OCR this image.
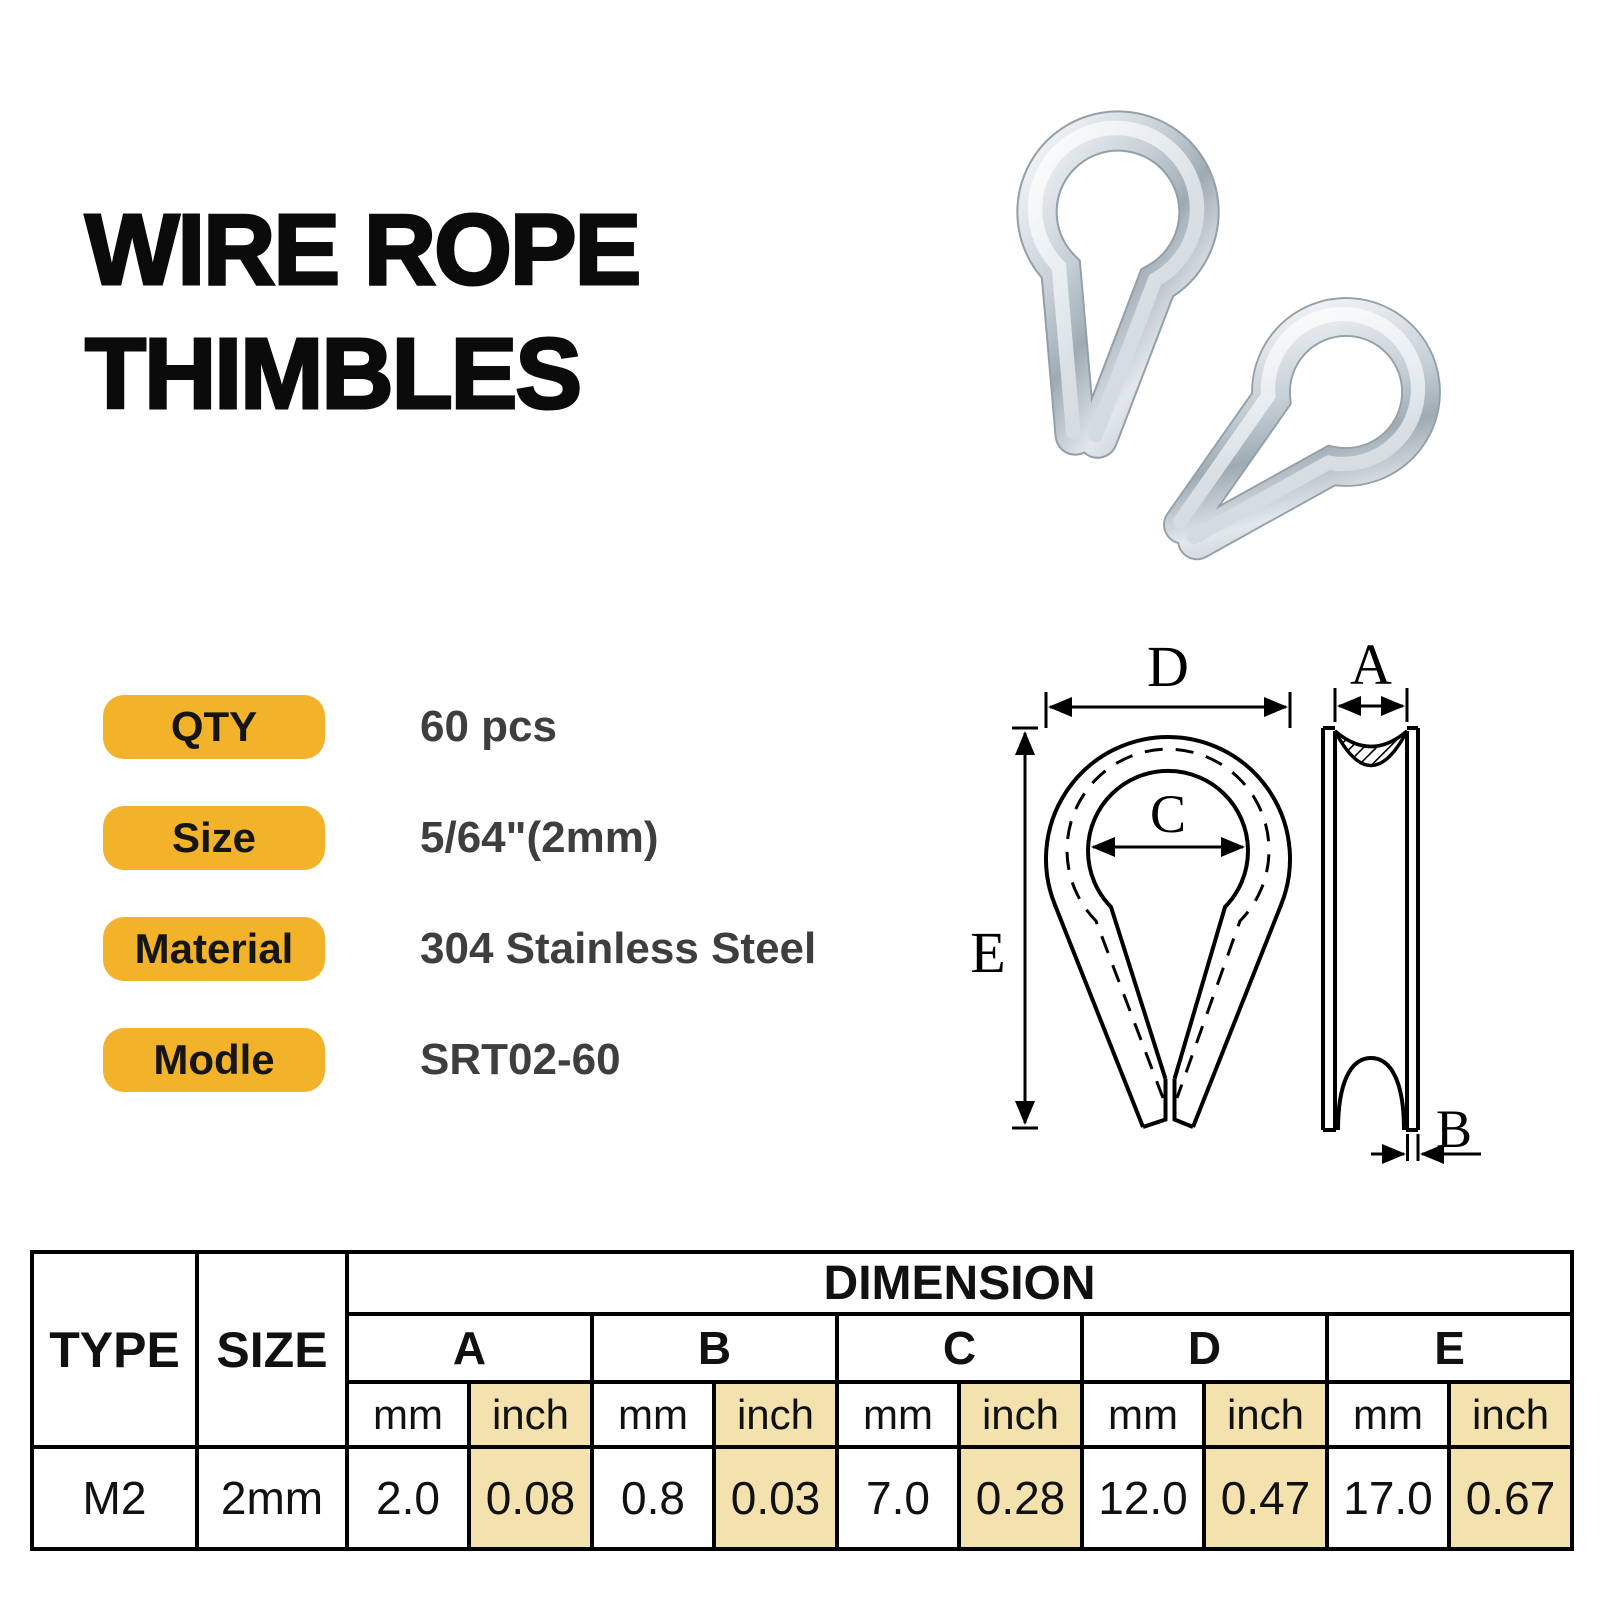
WIRE ROPE
THIMBLES
QTY	60 pcs
Size	5/64"(2mm)
Material	304 Stainless Steel
Modle	SRT02-60
D
C
E
A
B
TYPE	SIZE	DIMENSION									
		A		B		C		D		E	
		mm	inch	mm	inch	mm	inch	mm	inch	mm	inch
M2	2mm	2.0	0.08	0.8	0.03	7.0	0.28	12.0	0.47	17.0	0.67
